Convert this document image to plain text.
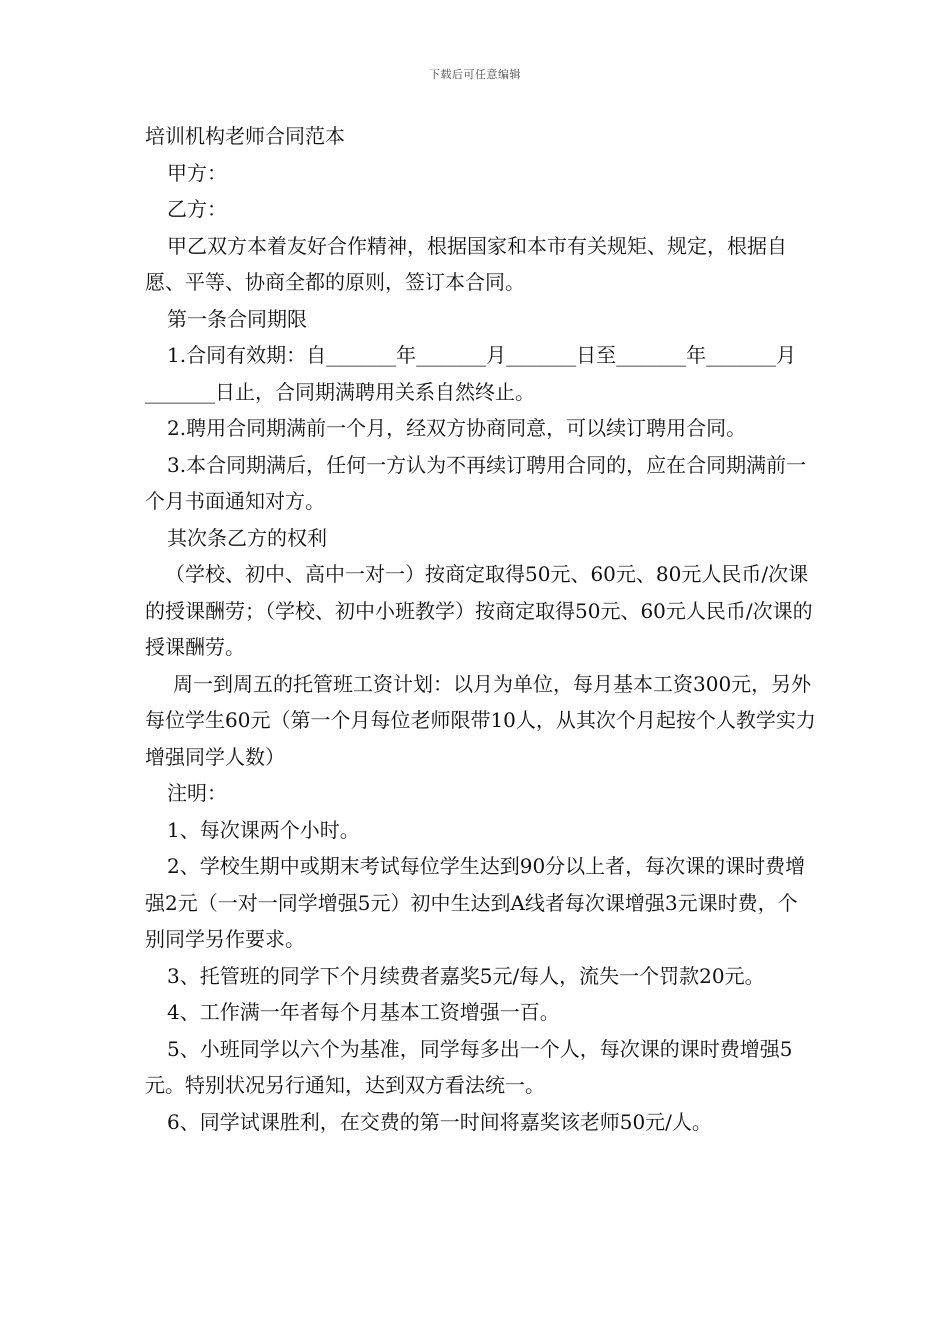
下载后可任意编辑

培训机构老师合同范本

甲方：

乙方：

甲乙双方本着友好合作精神，根据国家和本市有关规矩、规定，根据自愿、平等、协商全都的原则，签订本合同。

第一条合同期限

1.合同有效期：自_______年_______月_______日至_______年_______月_______日止，合同期满聘用关系自然终止。

2.聘用合同期满前一个月，经双方协商同意，可以续订聘用合同。

3.本合同期满后，任何一方认为不再续订聘用合同的，应在合同期满前一个月书面通知对方。

其次条乙方的权利

（学校、初中、高中一对一）按商定取得50元、60元、80元人民币/次课的授课酬劳；（学校、初中小班教学）按商定取得50元、60元人民币/次课的授课酬劳。

周一到周五的托管班工资计划：以月为单位，每月基本工资300元，另外每位学生60元（第一个月每位老师限带10人，从其次个月起按个人教学实力增强同学人数）

注明：

1、每次课两个小时。

2、学校生期中或期末考试每位学生达到90分以上者，每次课的课时费增强2元（一对一同学增强5元）初中生达到A线者每次课增强3元课时费，个别同学另作要求。

3、托管班的同学下个月续费者嘉奖5元/每人，流失一个罚款20元。

4、工作满一年者每个月基本工资增强一百。

5、小班同学以六个为基准，同学每多出一个人，每次课的课时费增强5元。特别状况另行通知，达到双方看法统一。

6、同学试课胜利，在交费的第一时间将嘉奖该老师50元/人。
